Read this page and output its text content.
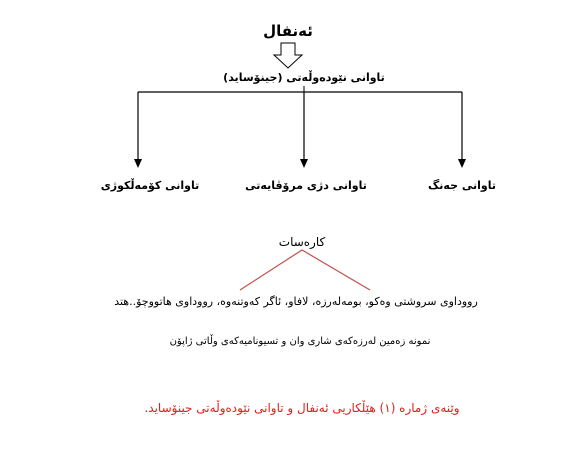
ئەنفال
تاوانی نێودەوڵەتی (جینۆساید)
تاوانی جەنگ
تاوانی دژی مرۆڤایەتی
تاوانی کۆمەڵکوژی
کارەسات
رووداوی سروشتی وەکو، بومەلەرزە، لافاو، ئاگر کەوتنەوە، رووداوی هاتووچۆ..هتد
نمونە زەمین لەرزەکەی شاری وان و تسیونامیەکەی وڵاتی ژاپۆن
وێنەی ژمارە (١) هێڵکاریی ئەنفال و تاوانی نێودەوڵەتی جینۆساید.
